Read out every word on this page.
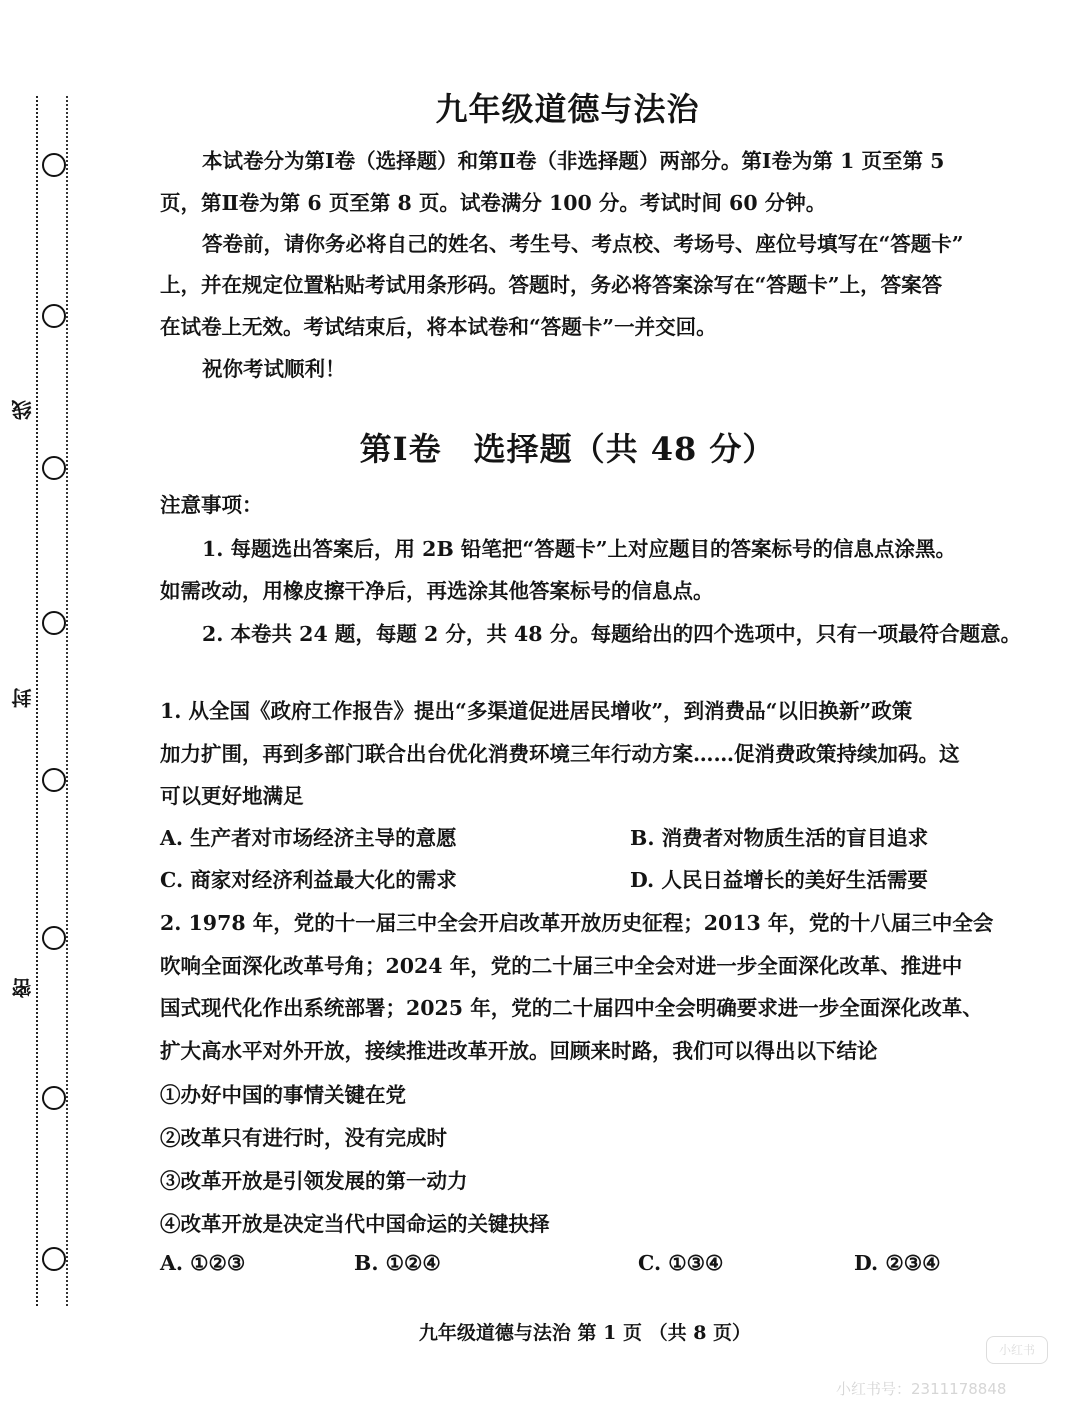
线
封
密
九年级道德与法治
本试卷分为第Ⅰ卷（选择题）和第Ⅱ卷（非选择题）两部分。第Ⅰ卷为第 1 页至第 5
页，第Ⅱ卷为第 6 页至第 8 页。试卷满分 100 分。考试时间 60 分钟。
答卷前，请你务必将自己的姓名、考生号、考点校、考场号、座位号填写在“答题卡”
上，并在规定位置粘贴考试用条形码。答题时，务必将答案涂写在“答题卡”上，答案答
在试卷上无效。考试结束后，将本试卷和“答题卡”一并交回。
祝你考试顺利！
第Ⅰ卷 选择题（共 48 分）
注意事项：
1. 每题选出答案后，用 2B 铅笔把“答题卡”上对应题目的答案标号的信息点涂黑。
如需改动，用橡皮擦干净后，再选涂其他答案标号的信息点。
2. 本卷共 24 题，每题 2 分，共 48 分。每题给出的四个选项中，只有一项最符合题意。
1. 从全国《政府工作报告》提出“多渠道促进居民增收”，到消费品“以旧换新”政策
加力扩围，再到多部门联合出台优化消费环境三年行动方案……促消费政策持续加码。这
可以更好地满足
A. 生产者对市场经济主导的意愿	B. 消费者对物质生活的盲目追求
C. 商家对经济利益最大化的需求	D. 人民日益增长的美好生活需要
2. 1978 年，党的十一届三中全会开启改革开放历史征程；2013 年，党的十八届三中全会
吹响全面深化改革号角；2024 年，党的二十届三中全会对进一步全面深化改革、推进中
国式现代化作出系统部署；2025 年，党的二十届四中全会明确要求进一步全面深化改革、
扩大高水平对外开放，接续推进改革开放。回顾来时路，我们可以得出以下结论
①办好中国的事情关键在党
②改革只有进行时，没有完成时
③改革开放是引领发展的第一动力
④改革开放是决定当代中国命运的关键抉择
A. ①②③	B. ①②④	C. ①③④	D. ②③④
九年级道德与法治 第 1 页 （共 8 页）
小红书
小红书号：2311178848
